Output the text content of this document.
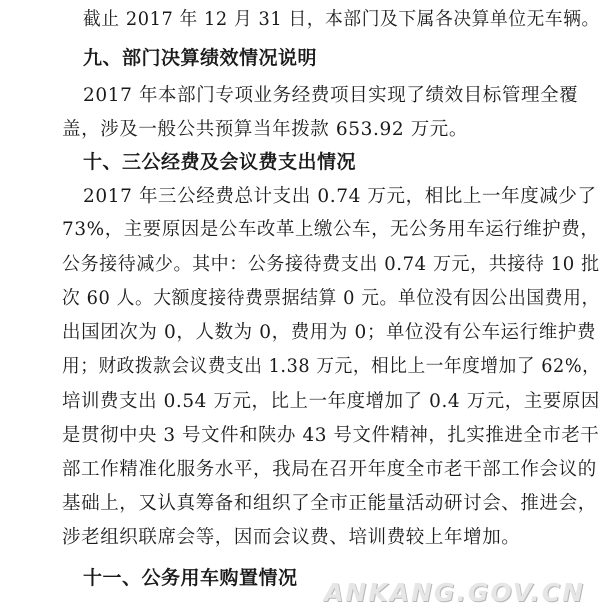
截止 2017 年 12 月 31 日，本部门及下属各决算单位无车辆。
九、部门决算绩效情况说明
2017 年本部门专项业务经费项目实现了绩效目标管理全覆
盖，涉及一般公共预算当年拨款 653.92 万元。
十、三公经费及会议费支出情况
2017 年三公经费总计支出 0.74 万元，相比上一年度减少了
73%，主要原因是公车改革上缴公车，无公务用车运行维护费，
公务接待减少。其中：公务接待费支出 0.74 万元，共接待 10 批
次 60 人。大额度接待费票据结算 0 元。单位没有因公出国费用，
出国团次为 0，人数为 0，费用为 0；单位没有公车运行维护费
用；财政拨款会议费支出 1.38 万元，相比上一年度增加了 62%，
培训费支出 0.54 万元，比上一年度增加了 0.4 万元，主要原因
是贯彻中央 3 号文件和陕办 43 号文件精神，扎实推进全市老干
部工作精准化服务水平，我局在召开年度全市老干部工作会议的
基础上，又认真筹备和组织了全市正能量活动研讨会、推进会，
涉老组织联席会等，因而会议费、培训费较上年增加。
十一、公务用车购置情况 ANKANG.GOV.CN
